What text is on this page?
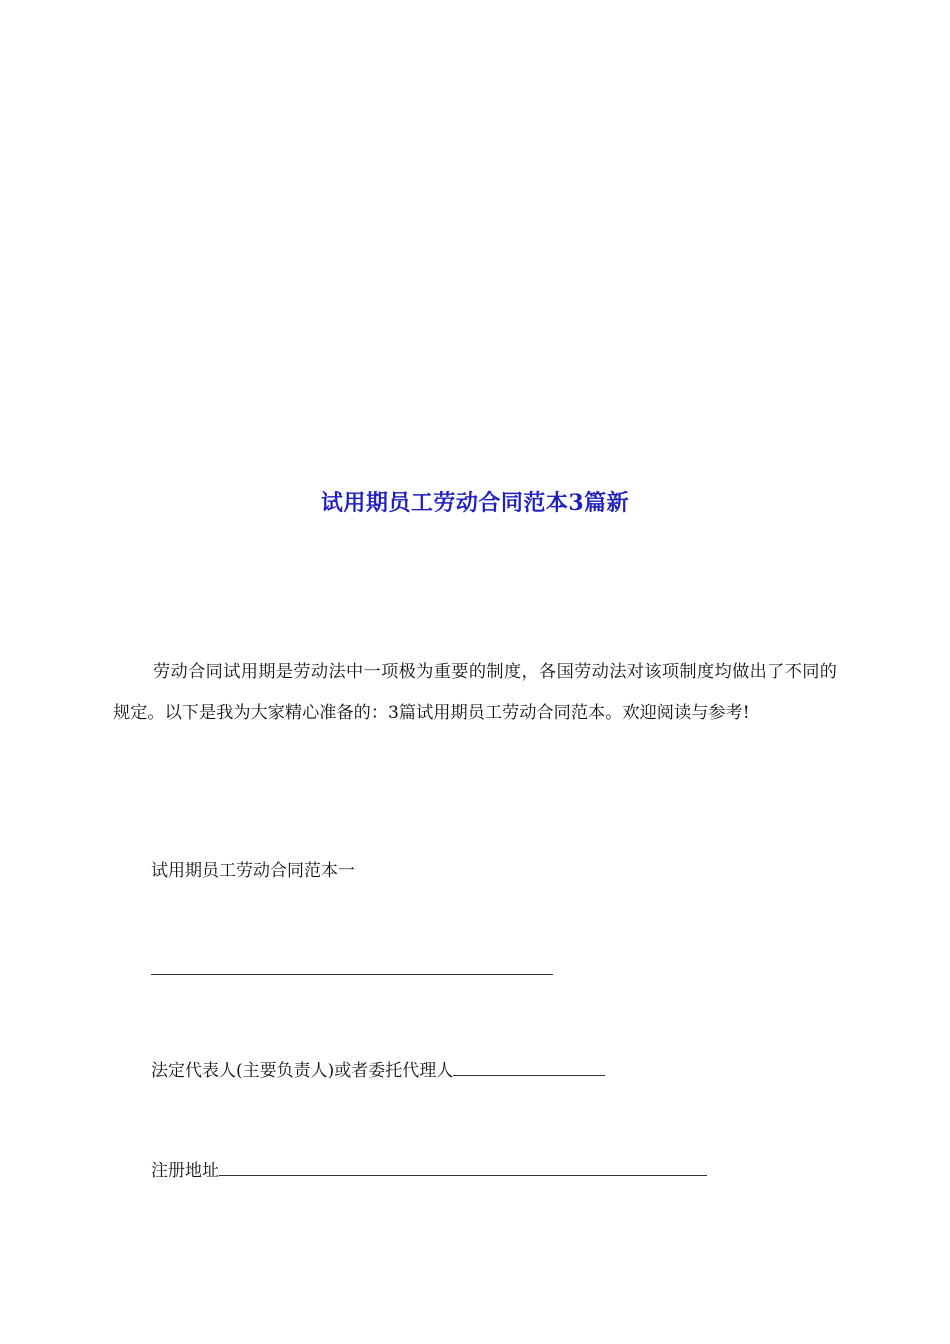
试用期员工劳动合同范本3篇新

劳动合同试用期是劳动法中一项极为重要的制度，各国劳动法对该项制度均做出了不同的规定。以下是我为大家精心准备的：3篇试用期员工劳动合同范本。欢迎阅读与参考!

试用期员工劳动合同范本一
法定代表人(主要负责人)或者委托代理人
注册地址
